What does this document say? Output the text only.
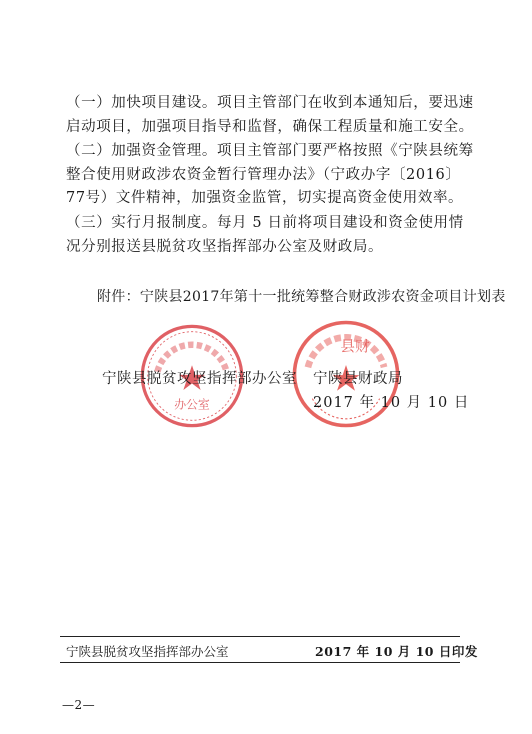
（一）加快项目建设。项目主管部门在收到本通知后，要迅速启动项目，加强项目指导和监督，确保工程质量和施工安全。

（二）加强资金管理。项目主管部门要严格按照《宁陕县统筹整合使用财政涉农资金暂行管理办法》（宁政办字〔2016〕77号）文件精神，加强资金监管，切实提高资金使用效率。

（三）实行月报制度。每月 5 日前将项目建设和资金使用情况分别报送县脱贫攻坚指挥部办公室及财政局。

附件：宁陕县2017年第十一批统筹整合财政涉农资金项目计划表
办公室
县财
宁陕县脱贫攻坚指挥部办公室 宁陕县财政局
2017 年 10 月 10 日
宁陕县脱贫攻坚指挥部办公室	2017 年 10 月 10 日印发
—2—
